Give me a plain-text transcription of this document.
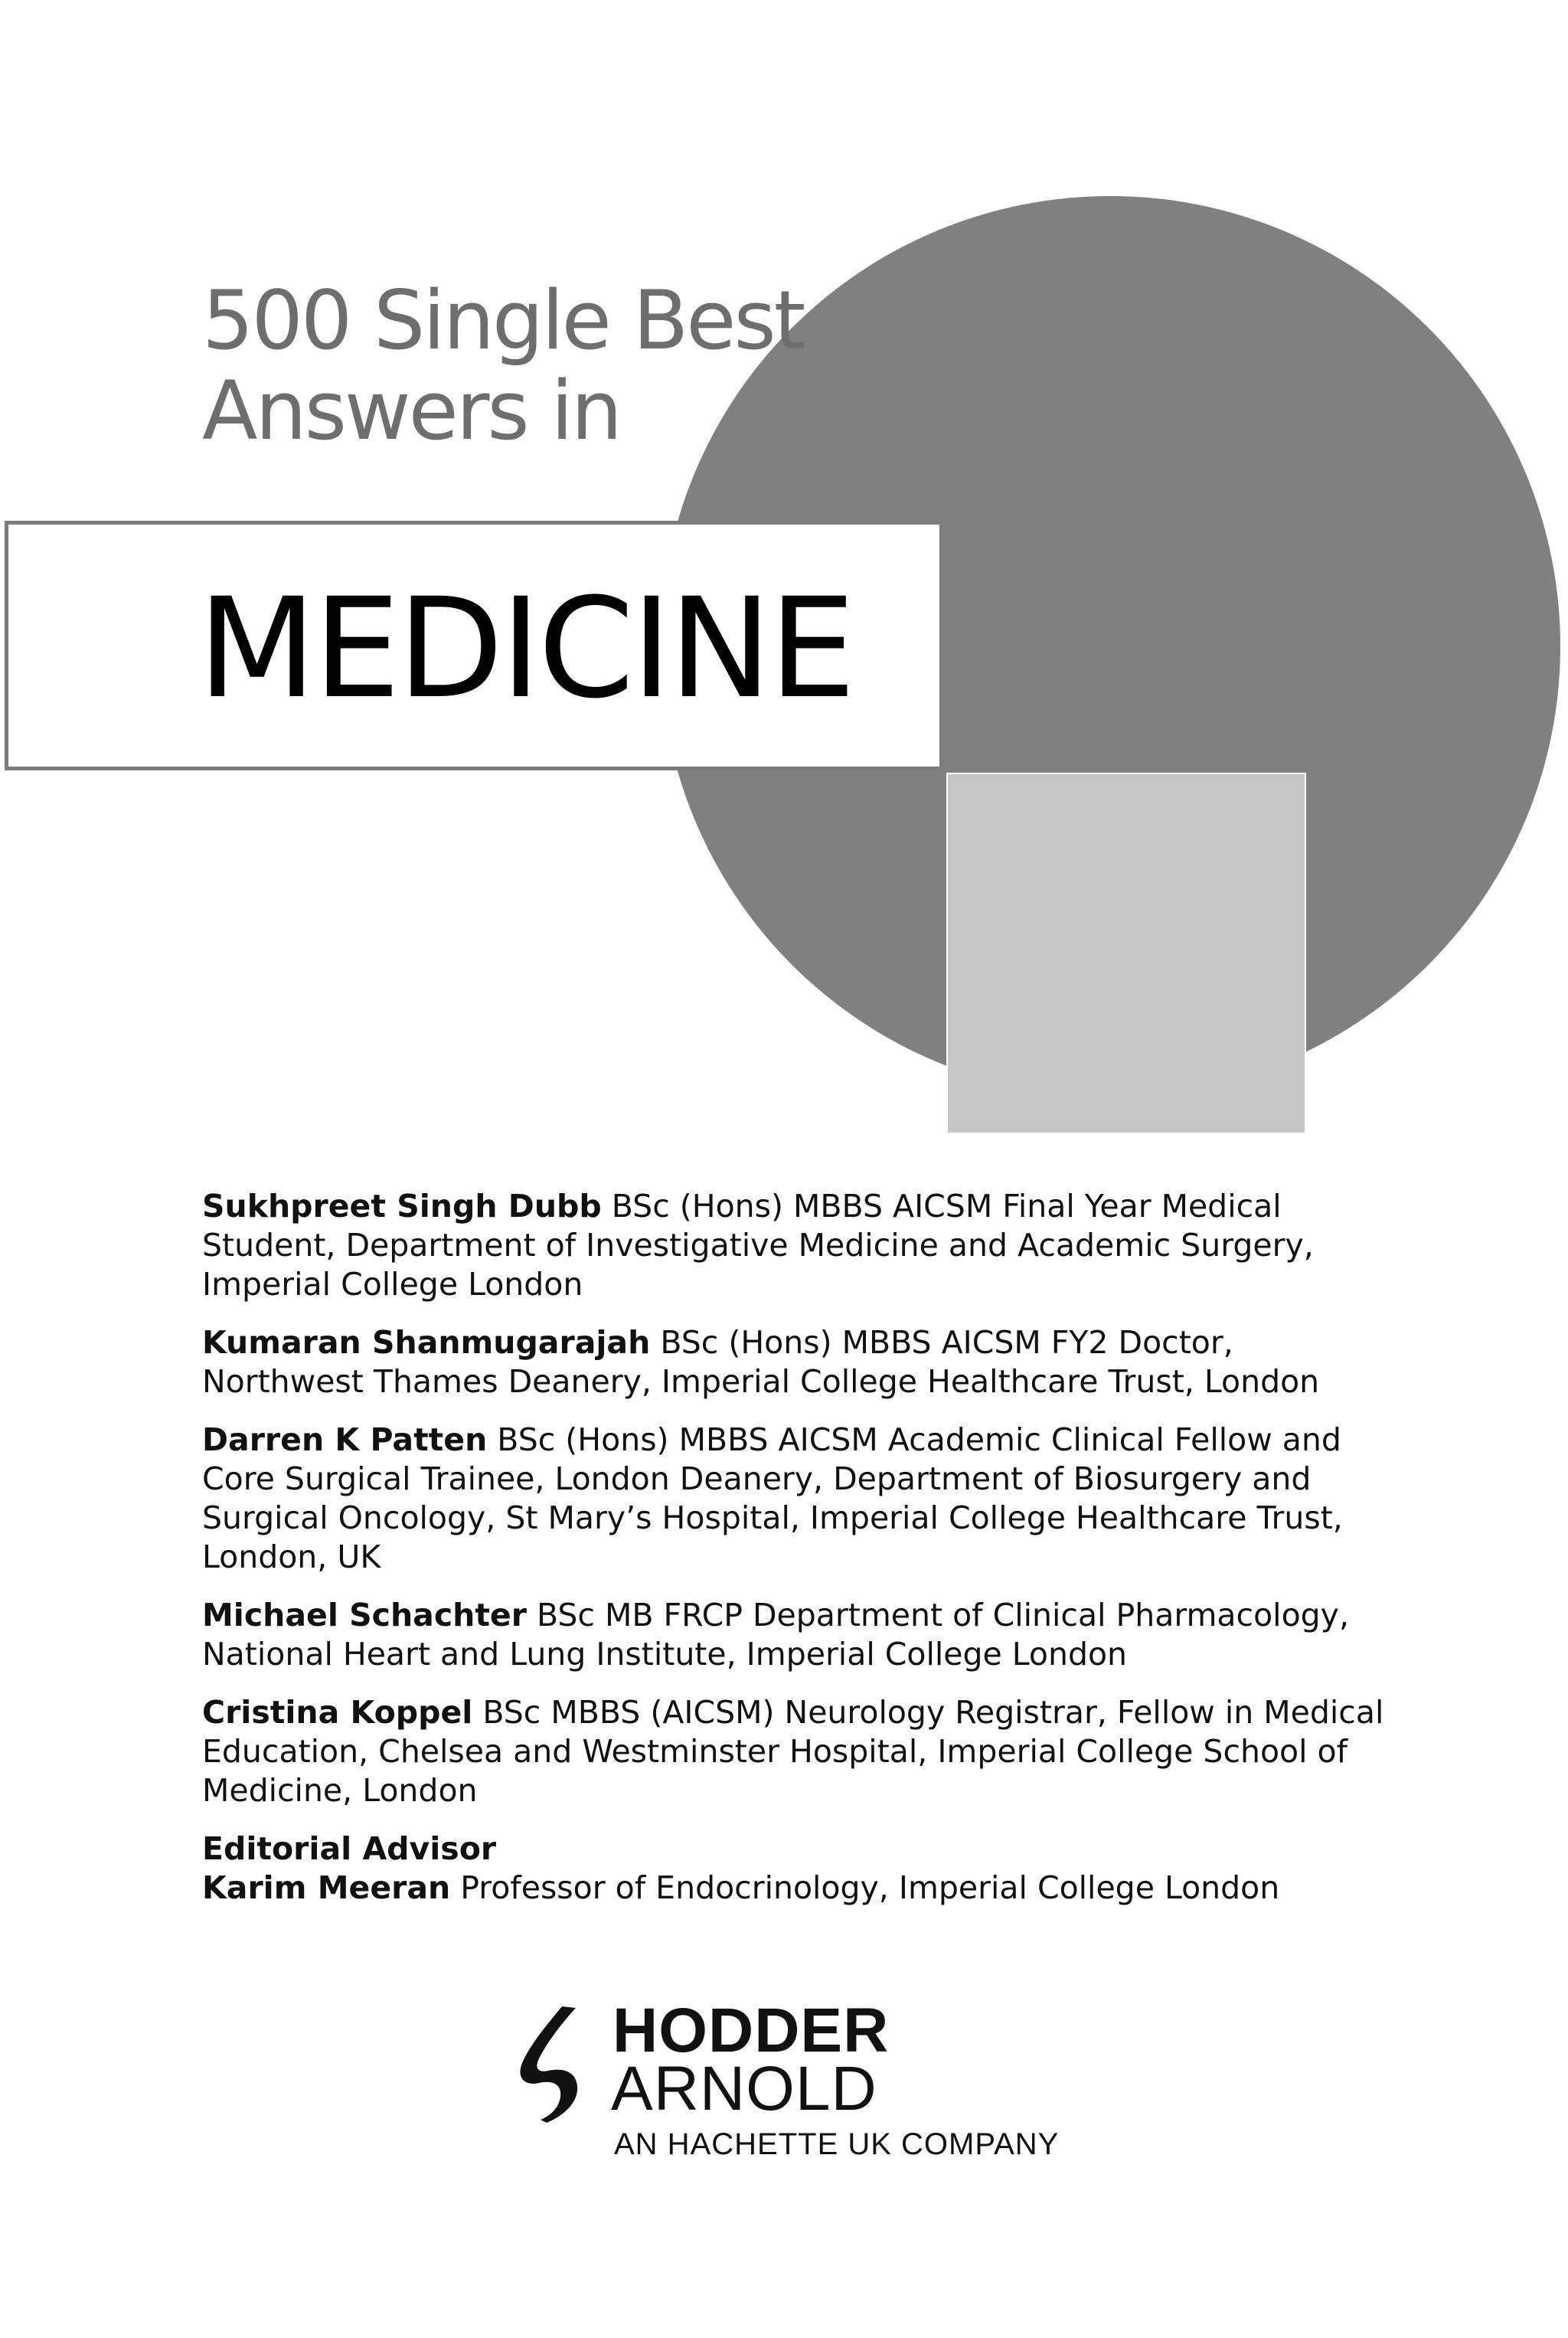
500 Single Best
Answers in
MEDICINE
Sukhpreet Singh Dubb BSc (Hons) MBBS AICSM Final Year Medical Student, Department of Investigative Medicine and Academic Surgery, Imperial College London
Kumaran Shanmugarajah BSc (Hons) MBBS AICSM FY2 Doctor, Northwest Thames Deanery, Imperial College Healthcare Trust, London
Darren K Patten BSc (Hons) MBBS AICSM Academic Clinical Fellow and Core Surgical Trainee, London Deanery, Department of Biosurgery and Surgical Oncology, St Mary’s Hospital, Imperial College Healthcare Trust, London, UK
Michael Schachter BSc MB FRCP Department of Clinical Pharmacology, National Heart and Lung Institute, Imperial College London
Cristina Koppel BSc MBBS (AICSM) Neurology Registrar, Fellow in Medical Education, Chelsea and Westminster Hospital, Imperial College School of Medicine, London
Editorial Advisor
Karim Meeran Professor of Endocrinology, Imperial College London
HODDER
ARNOLD
AN HACHETTE UK COMPANY
